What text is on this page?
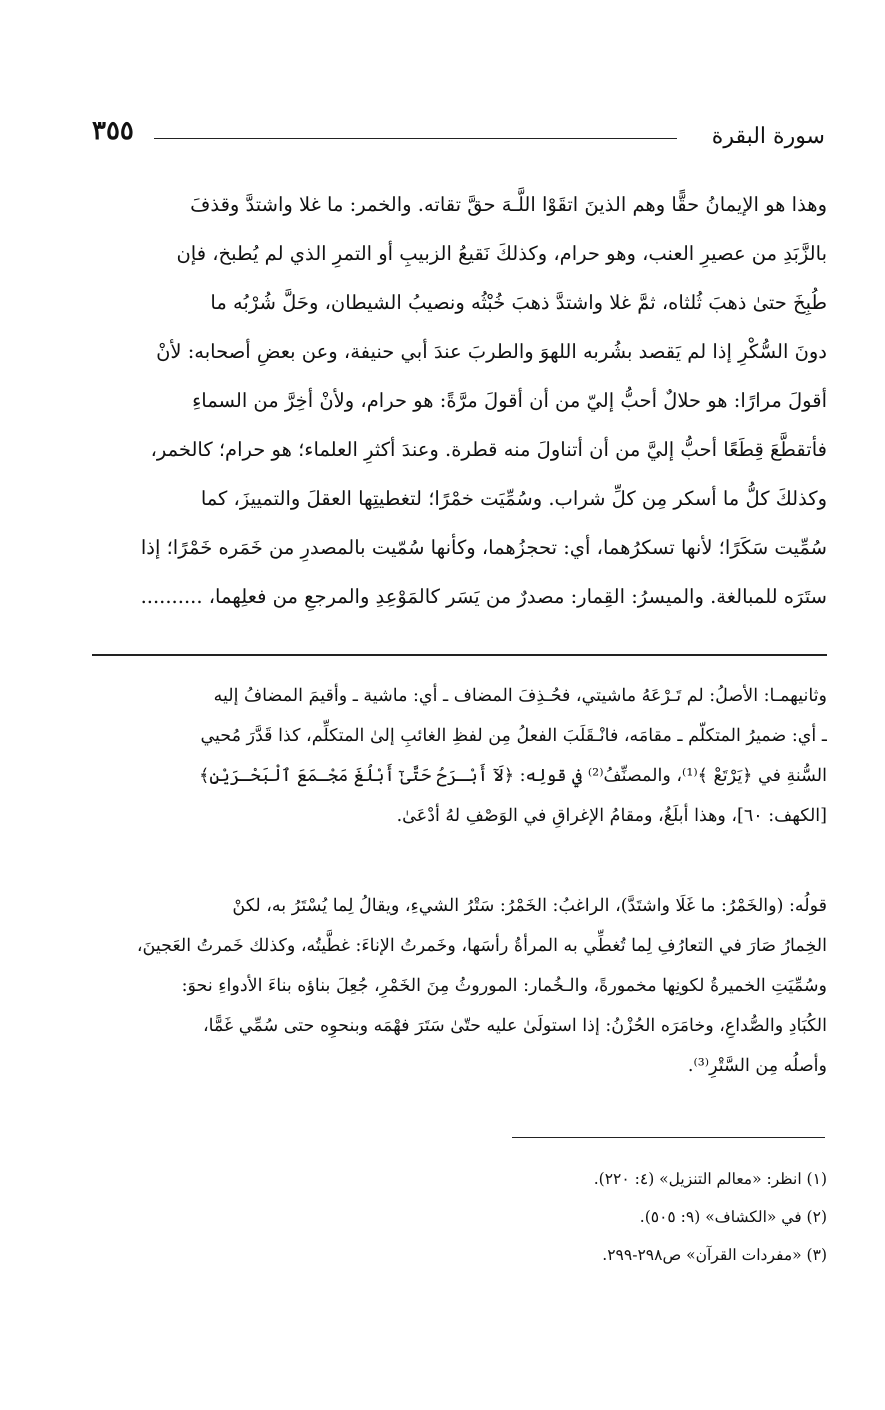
سورة البقرة
٣٥٥
وهذا هو الإيمانُ حقًّا وهم الذينَ اتقَوْا اللَّـهَ حقَّ تقاته. والخمر: ما غلا واشتدَّ وقذفَ
بالزَّبَدِ من عصيرِ العنب، وهو حرام، وكذلكَ نَقيعُ الزبيبِ أو التمرِ الذي لم يُطبخ، فإن
طُبِخَ حتىٰ ذهبَ ثُلثاه، ثمَّ غلا واشتدَّ ذهبَ خُبْثُه ونصيبُ الشيطان، وحَلَّ شُرْبُه ما
دونَ السُّكْرِ إذا لم يَقصد بشُربه اللهوَ والطربَ عندَ أبي حنيفة، وعن بعضِ أصحابه: لأنْ
أقولَ مرارًا: هو حلالٌ أحبُّ إليّ من أن أقولَ مرَّةً: هو حرام، ولأنْ أخِرَّ من السماءِ
فأتقطَّعَ قِطَعًا أحبُّ إليَّ من أن أتناولَ منه قطرة. وعندَ أكثرِ العلماء؛ هو حرام؛ كالخمر،
وكذلكَ كلُّ ما أسكر مِن كلِّ شراب. وسُمِّيَت خمْرًا؛ لتغطيتِها العقلَ والتمييزَ، كما
سُمِّيت سَكَرًا؛ لأنها تسكرُهما، أي: تحجزُهما، وكأنها سُمّيت بالمصدرِ من خَمَره خَمْرًا؛ إذا
ستَرَه للمبالغة. والميسرُ: القِمار: مصدرٌ من يَسَر كالمَوْعِدِ والمرجعِ من فعلِهما، ..........
وثانيهمـا: الأصلُ: لم تَـرْعَهُ ماشيتي، فحُـذِفَ المضاف ـ أي: ماشية ـ وأقيمَ المضافُ إليه
ـ أي: ضميرُ المتكلّم ـ مقامَه، فانْـقَلَبَ الفعلُ مِن لفظِ الغائبِ إلىٰ المتكلِّم، كذا قَدَّرَ مُحيي
السُّنةِ في ﴿يَرْتَعْ ﴾⁽¹⁾، والمصنِّفُ⁽²⁾ في قولِه: ﴿لَآ أَبْـرَحُ حَتَّىٰٓ أَبْلُغَ مَجْـمَعَ ٱلْبَحْـرَيْنِ﴾
[الكهف: ٦٠]، وهذا أبلَغُ، ومقامُ الإغراقِ في الوَصْفِ لهُ أدْعَىٰ.
قولُه: (والخَمْرُ: ما غَلَا واشتَدَّ)، الراغبُ: الخَمْرُ: سَتْرُ الشيءِ، ويقالُ لِما يُسْتَرُ به، لكنْ
الخِمارُ صَارَ في التعارُفِ لِما تُغطِّي به المرأةُ رأسَها، وخَمرتُ الإناءَ: غطَّيتُه، وكذلك خَمرتُ العَجينَ،
وسُمِّيَتِ الخميرةُ لكونِها مخمورةً، والـخُمار: الموروثُ مِنَ الخَمْرِ، جُعِلَ بناؤه بناءَ الأدواءِ نحوَ:
الكُبَادِ والصُّداعِ، وخامَرَه الحُزْنُ: إذا استولَىٰ عليه حتّىٰ سَتَرَ فهْمَه وبنحوِه حتى سُمِّي غَمًّا،
وأصلُه مِن السَّتْرِ⁽³⁾.
(١) انظر: «معالم التنزيل» (٤: ٢٢٠).
(٢) في «الكشاف» (٩: ٥٠٥).
(٣) «مفردات القرآن» ص٢٩٨-٢٩٩.
